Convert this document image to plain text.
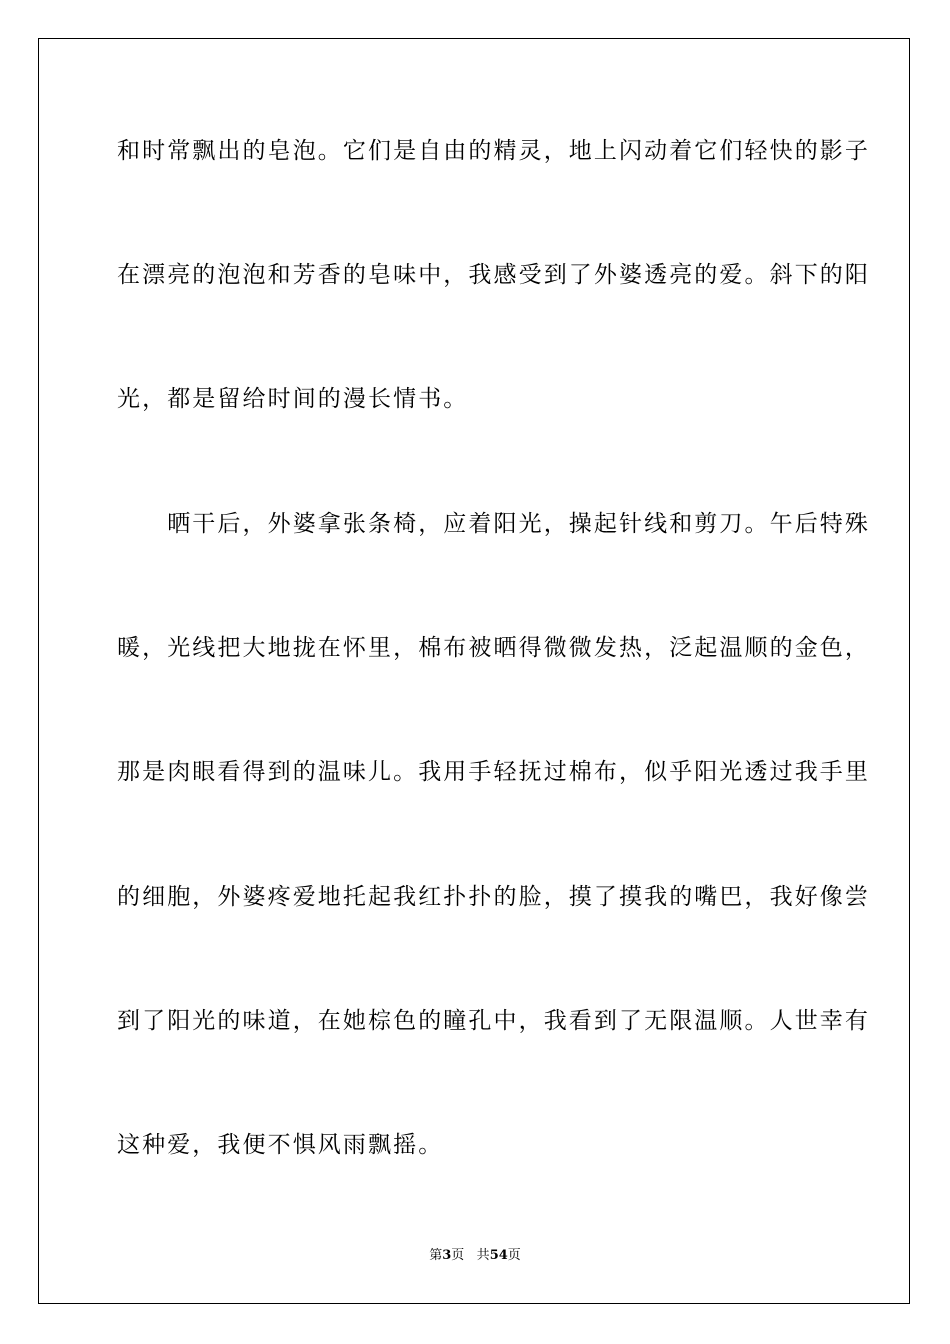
和时常飘出的皂泡。它们是自由的精灵，地上闪动着它们轻快的影子
在漂亮的泡泡和芳香的皂味中，我感受到了外婆透亮的爱。斜下的阳
光，都是留给时间的漫长情书。
　　晒干后，外婆拿张条椅，应着阳光，操起针线和剪刀。午后特殊
暖，光线把大地拢在怀里，棉布被晒得微微发热，泛起温顺的金色，
那是肉眼看得到的温味儿。我用手轻抚过棉布，似乎阳光透过我手里
的细胞，外婆疼爱地托起我红扑扑的脸，摸了摸我的嘴巴，我好像尝
到了阳光的味道，在她棕色的瞳孔中，我看到了无限温顺。人世幸有
这种爱，我便不惧风雨飘摇。
第3页 共54页
